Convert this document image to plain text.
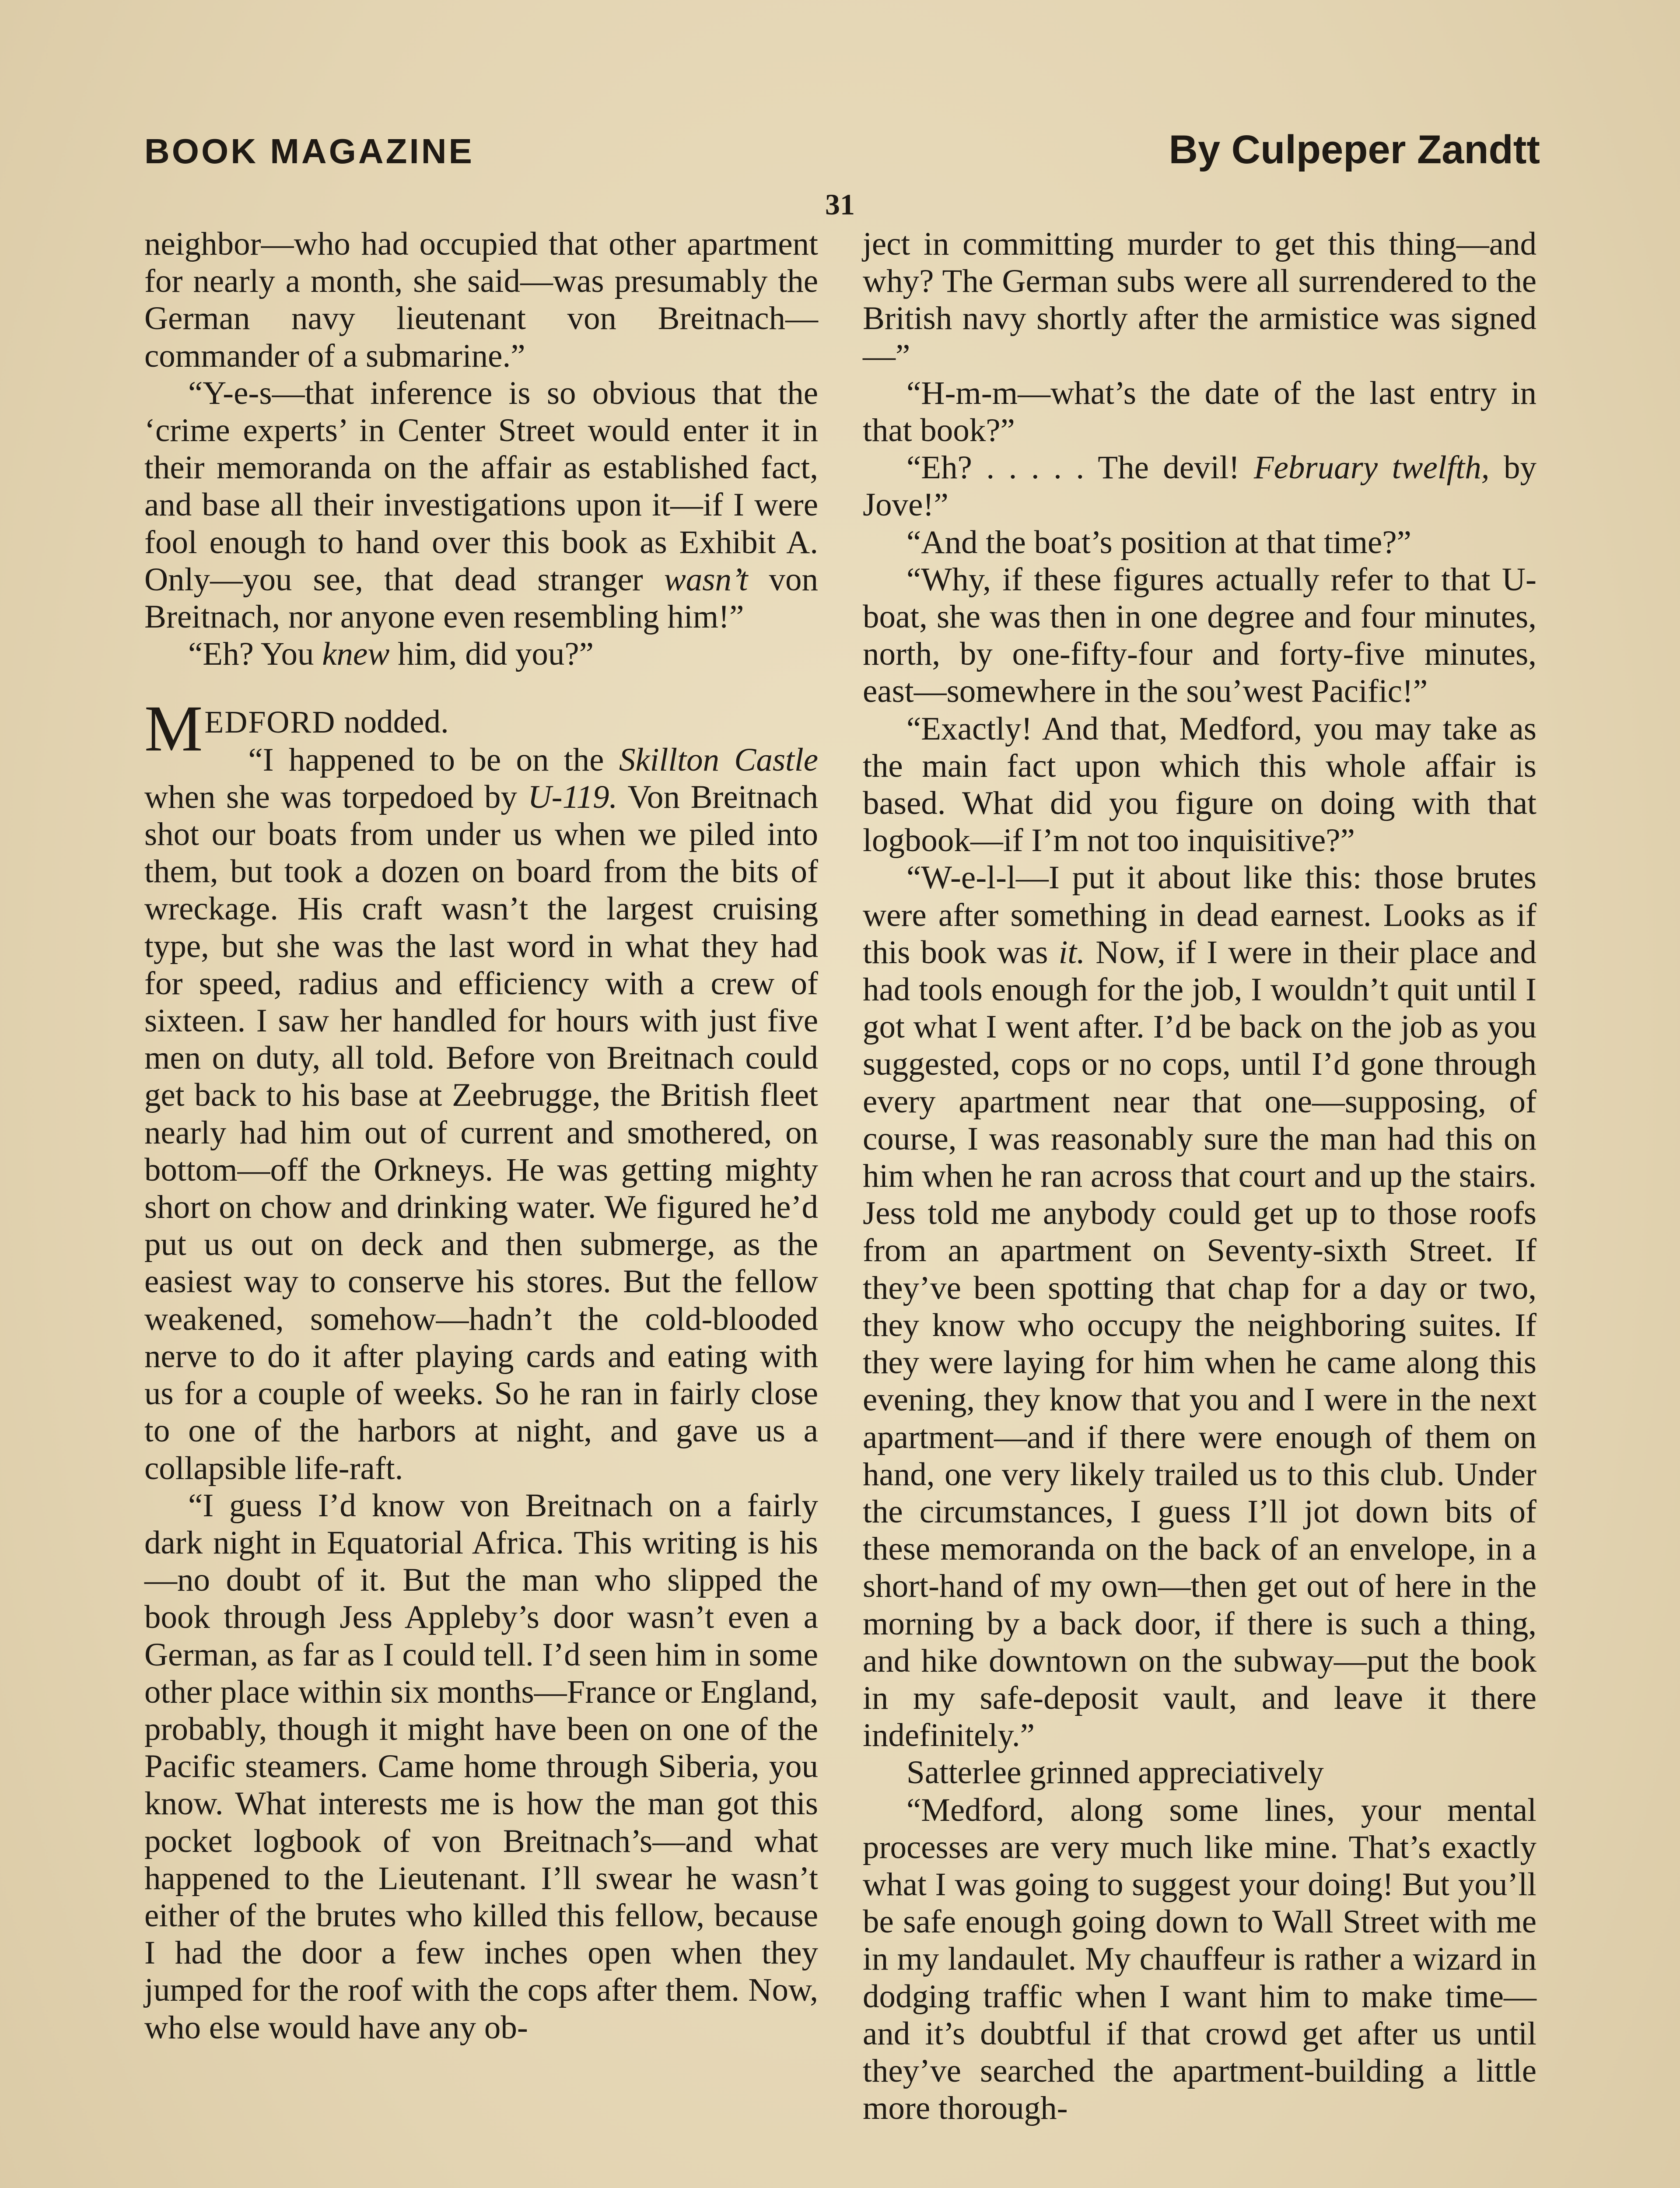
BOOK MAGAZINE	By Culpeper Zandtt
31

neighbor—who had occupied that other apartment for nearly a month, she said—was presumably the German navy lieutenant von Breitnach—commander of a submarine.”

“Y-e-s—that inference is so obvious that the ‘crime experts’ in Center Street would enter it in their memoranda on the affair as established fact, and base all their investigations upon it—if I were fool enough to hand over this book as Exhibit A. Only—you see, that dead stranger wasn’t von Breitnach, nor anyone even resembling him!”

“Eh? You knew him, did you?”

MEDFORD nodded.

“I happened to be on the Skillton Castle when she was torpedoed by U-119. Von Breitnach shot our boats from under us when we piled into them, but took a dozen on board from the bits of wreckage. His craft wasn’t the largest cruising type, but she was the last word in what they had for speed, radius and efficiency with a crew of sixteen. I saw her handled for hours with just five men on duty, all told. Before von Breitnach could get back to his base at Zeebrugge, the British fleet nearly had him out of current and smothered, on bottom—off the Orkneys. He was getting mighty short on chow and drinking water. We figured he’d put us out on deck and then submerge, as the easiest way to conserve his stores. But the fellow weakened, somehow—hadn’t the cold-blooded nerve to do it after playing cards and eating with us for a couple of weeks. So he ran in fairly close to one of the harbors at night, and gave us a collapsible life-raft.

“I guess I’d know von Breitnach on a fairly dark night in Equatorial Africa. This writing is his—no doubt of it. But the man who slipped the book through Jess Appleby’s door wasn’t even a German, as far as I could tell. I’d seen him in some other place within six months—France or England, probably, though it might have been on one of the Pacific steamers. Came home through Siberia, you know. What interests me is how the man got this pocket logbook of von Breitnach’s—and what happened to the Lieutenant. I’ll swear he wasn’t either of the brutes who killed this fellow, because I had the door a few inches open when they jumped for the roof with the cops after them. Now, who else would have any ob-

ject in committing murder to get this thing—and why? The German subs were all surrendered to the British navy shortly after the armistice was signed—”

“H-m-m—what’s the date of the last entry in that book?”

“Eh? . . . . . The devil! February twelfth, by Jove!”

“And the boat’s position at that time?”

“Why, if these figures actually refer to that U-boat, she was then in one degree and four minutes, north, by one-fifty-four and forty-five minutes, east—somewhere in the sou’west Pacific!”

“Exactly! And that, Medford, you may take as the main fact upon which this whole affair is based. What did you figure on doing with that logbook—if I’m not too inquisitive?”

“W-e-l-l—I put it about like this: those brutes were after something in dead earnest. Looks as if this book was it. Now, if I were in their place and had tools enough for the job, I wouldn’t quit until I got what I went after. I’d be back on the job as you suggested, cops or no cops, until I’d gone through every apartment near that one—supposing, of course, I was reasonably sure the man had this on him when he ran across that court and up the stairs. Jess told me anybody could get up to those roofs from an apartment on Seventy-sixth Street. If they’ve been spotting that chap for a day or two, they know who occupy the neighboring suites. If they were laying for him when he came along this evening, they know that you and I were in the next apartment—and if there were enough of them on hand, one very likely trailed us to this club. Under the circumstances, I guess I’ll jot down bits of these memoranda on the back of an envelope, in a short-hand of my own—then get out of here in the morning by a back door, if there is such a thing, and hike downtown on the subway—put the book in my safe-deposit vault, and leave it there indefinitely.”

Satterlee grinned appreciatively

“Medford, along some lines, your mental processes are very much like mine. That’s exactly what I was going to suggest your doing! But you’ll be safe enough going down to Wall Street with me in my landaulet. My chauffeur is rather a wizard in dodging traffic when I want him to make time—and it’s doubtful if that crowd get after us until they’ve searched the apartment-building a little more thorough-
